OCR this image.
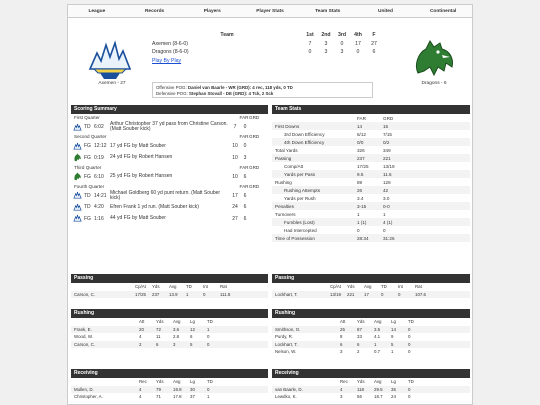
League	Records	Players	Player Stats	Team Stats	United	Continental
Axemen - 27
Team	1st	2nd	3rd	4th	F
Axemen (8-6-0)	7	3	0	17	27
Dragons (8-6-0)	0	3	3	0	6
Play By Play
Offensive POG: Daniel van Baarle - WR (GRD): 4 rec, 118 yds, 0 TD
Defensive POG: Stephan Stovall - DE (GRD): 4 Tck, 2 Sck
Dragons - 6
Scoring Summary
First Quarter	FAR GRD
TD 6:02	Arthur Christopher 37 yd pass from Christine Carson. (Matt Souber kick)	7	0
Second Quarter	FAR GRD
FG 12:12 17 yd FG by Matt Souber	10	0
FG 0:19	24 yd FG by Robert Hansen	10	3
Third Quarter	FAR GRD
FG 6:10	25 yd FG by Robert Hansen	10	6
Fourth Quarter	FAR GRD
TD 14:21 Michael Goldberg 60 yd punt return. (Matt Souber kick)	17	6
TD 4:20	Efren Frank 1 yd run. (Matt Souber kick)	24	6
FG 1:16	44 yd FG by Matt Souber	27	6
Team Stats
FAR	GRD
First Downs	14	15
3rd Down Efficiency	6/12	7/15
4th Down Efficiency	0/0	0/2
Total Yards	326	349
Passing	237	221
Comp/Att	17/25	13/19
Yards per Pass	9.5	11.6
Rushing	89	128
Rushing Attempts	26	42
Yards per Rush	3.4	3.0
Penalties	3-15	0-0
Turnovers	1	1
Fumbles (Lost)	1 (1)	4 (1)
Had Intercepted	0	0
Time of Possession	28:34	31:26
Passing
Cp/At	Yds	Avg	TD	Int	Rat
Carson, C.	17/25	237	13.9	1	0	111.8
Passing
Cp/At	Yds	Avg	TD	Int	Rat
Lockhart, T.	13/19	221	17	0	0	107.6
Rushing
Att	Yds	Avg	Lg	TD
Frank, E.	20	72	3.6	12	1
Wood, W.	4	11	2.8	6	0
Carson, C.	2	6	3	5	0
Rushing
Att	Yds	Avg	Lg	TD
Smithson, O.	25	87	3.5	14	0
Purdy, R.	8	33	4.1	9	0
Lockhart, T.	6	6	1	5	0
Nelson, W.	3	2	0.7	1	0
Receiving
Rec	Yds	Avg	Lg	TD
Mullen, D.	4	79	19.8	30	0
Christopher, A.	4	71	17.8	37	1
Receiving
Rec	Yds	Avg	Lg	TD
van Baarle, D.	4	118	29.5	35	0
Lewdko, K.	3	56	18.7	24	0
